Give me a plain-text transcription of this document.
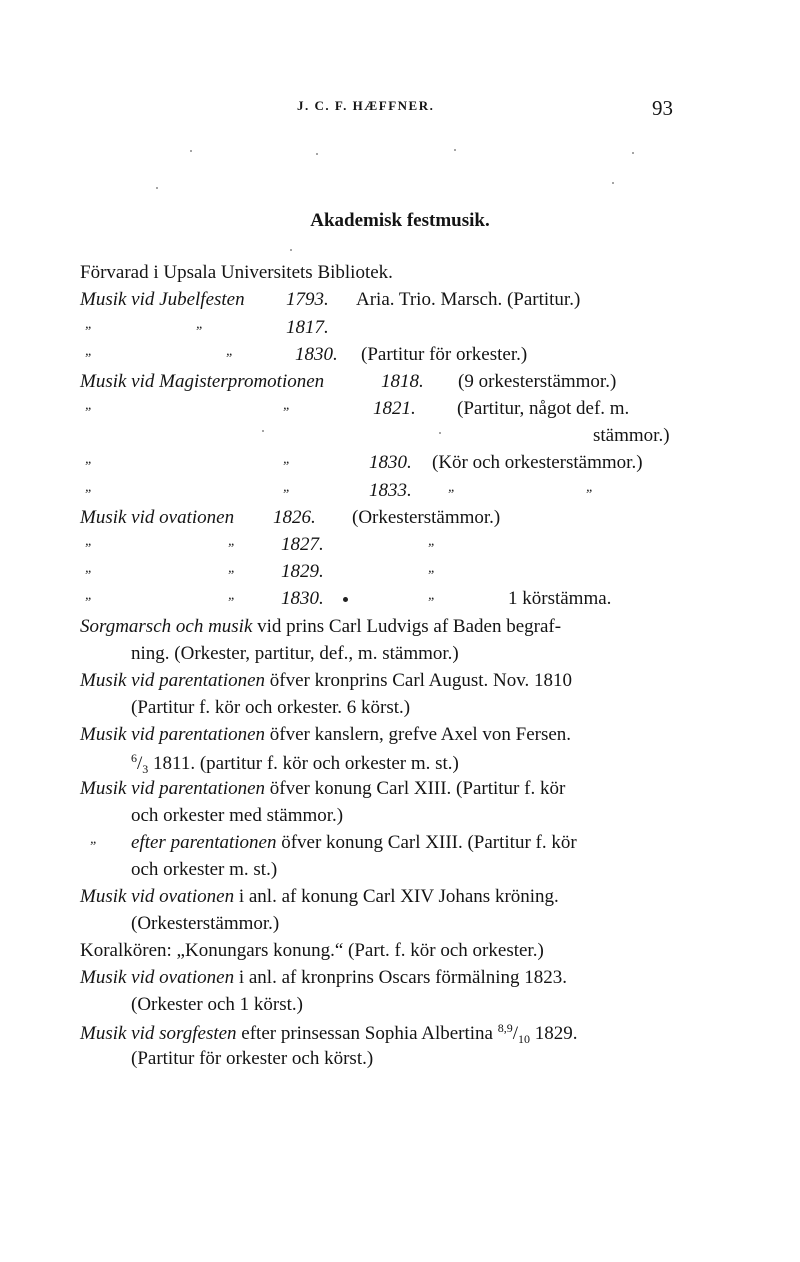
J. C. F. HÆFFNER.	93
Akademisk festmusik.
Förvarad i Upsala Universitets Bibliotek.
Musik vid Jubelfesten 1793. Aria. Trio. Marsch. (Partitur.)
„	„	1817.
„	„	1830. (Partitur för orkester.)
Musik vid Magisterpromotionen	1818. (9 orkesterstämmor.)
„	„	1821. (Partitur, något def. m.
stämmor.)
„	„	1830. (Kör och orkesterstämmor.)
„	„	1833.	„	„
Musik vid ovationen 1826. (Orkesterstämmor.)
„	„ 1827.	„
„	„ 1829.	„
„	„ 1830.	„	1 körstämma.
Sorgmarsch och musik vid prins Carl Ludvigs af Baden begraf-
ning. (Orkester, partitur, def., m. stämmor.)
Musik vid parentationen öfver kronprins Carl August. Nov. 1810
(Partitur f. kör och orkester. 6 körst.)
Musik vid parentationen öfver kanslern, grefve Axel von Fersen.
$^6/_3$ 1811. (partitur f. kör och orkester m. st.)
Musik vid parentationen öfver konung Carl XIII. (Partitur f. kör
och orkester med stämmor.)
„ efter parentationen öfver konung Carl XIII. (Partitur f. kör
och orkester m. st.)
Musik vid ovationen i anl. af konung Carl XIV Johans kröning.
(Orkesterstämmor.)
Koralkören: „Konungars konung.“ (Part. f. kör och orkester.)
Musik vid ovationen i anl. af kronprins Oscars förmälning 1823.
(Orkester och 1 körst.)
Musik vid sorgfesten efter prinsessan Sophia Albertina $^{8,9}/_{10}$ 1829.
(Partitur för orkester och körst.)
